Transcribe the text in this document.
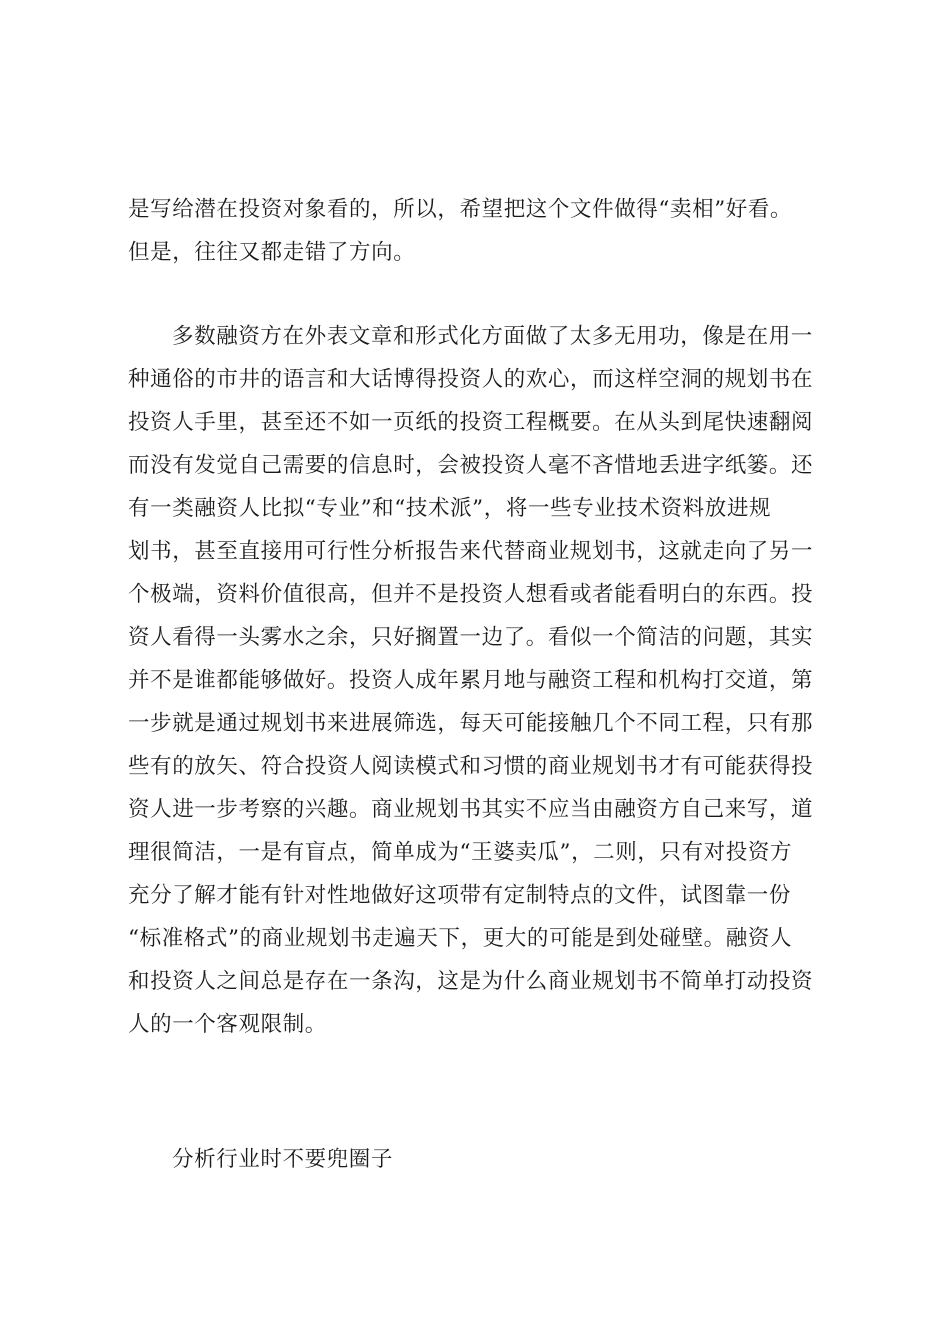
是写给潜在投资对象看的，所以，希望把这个文件做得“卖相”好看。
但是，往往又都走错了方向。
多数融资方在外表文章和形式化方面做了太多无用功，像是在用一
种通俗的市井的语言和大话博得投资人的欢心，而这样空洞的规划书在
投资人手里，甚至还不如一页纸的投资工程概要。在从头到尾快速翻阅
而没有发觉自己需要的信息时，会被投资人毫不吝惜地丢进字纸篓。还
有一类融资人比拟“专业”和“技术派”，将一些专业技术资料放进规
划书，甚至直接用可行性分析报告来代替商业规划书，这就走向了另一
个极端，资料价值很高，但并不是投资人想看或者能看明白的东西。投
资人看得一头雾水之余，只好搁置一边了。看似一个简洁的问题，其实
并不是谁都能够做好。投资人成年累月地与融资工程和机构打交道，第
一步就是通过规划书来进展筛选，每天可能接触几个不同工程，只有那
些有的放矢、符合投资人阅读模式和习惯的商业规划书才有可能获得投
资人进一步考察的兴趣。商业规划书其实不应当由融资方自己来写，道
理很简洁，一是有盲点，简单成为“王婆卖瓜”，二则，只有对投资方
充分了解才能有针对性地做好这项带有定制特点的文件，试图靠一份
“标准格式”的商业规划书走遍天下，更大的可能是到处碰壁。融资人
和投资人之间总是存在一条沟，这是为什么商业规划书不简单打动投资
人的一个客观限制。
分析行业时不要兜圈子
